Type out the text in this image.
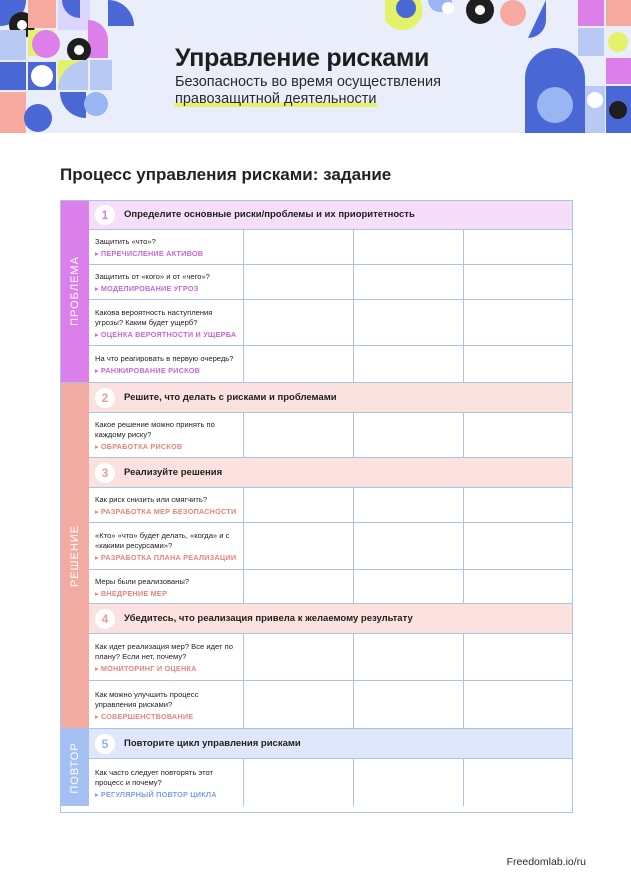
Управление рисками
Безопасность во время осуществления
правозащитной деятельности
Процесс управления рисками: задание
ПРОБЛЕМА
1	Определите основные риски/проблемы и их приоритетность
Защитить «что»?
▸ ПЕРЕЧИСЛЕНИЕ АКТИВОВ
Защитить от «кого» и от «чего»?
▸ МОДЕЛИРОВАНИЕ УГРОЗ
Какова вероятность наступления угрозы? Каким будет ущерб?
▸ ОЦЕНКА ВЕРОЯТНОСТИ И УЩЕРБА
На что реагировать в первую очередь?
▸ РАНЖИРОВАНИЕ РИСКОВ
РЕШЕНИЕ
2	Решите, что делать с рисками и проблемами
Какое решение можно принять по каждому риску?
▸ ОБРАБОТКА РИСКОВ
3	Реализуйте решения
Как риск снизить или смягчить?
▸ РАЗРАБОТКА МЕР БЕЗОПАСНОСТИ
«Кто» «что» будет делать, «когда» и с «какими ресурсами»?
▸ РАЗРАБОТКА ПЛАНА РЕАЛИЗАЦИИ
Меры были реализованы?
▸ ВНЕДРЕНИЕ МЕР
4	Убедитесь, что реализация привела к желаемому результату
Как идет реализация мер? Все идет по плану? Если нет, почему?
▸ МОНИТОРИНГ И ОЦЕНКА
Как можно улучшить процесс управления рисками?
▸ СОВЕРШЕНСТВОВАНИЕ
ПОВТОР	5	Повторите цикл управления рисками
Как часто следует повторять этот процесс и почему?
▸ РЕГУЛЯРНЫЙ ПОВТОР ЦИКЛА
Freedomlab.io/ru
